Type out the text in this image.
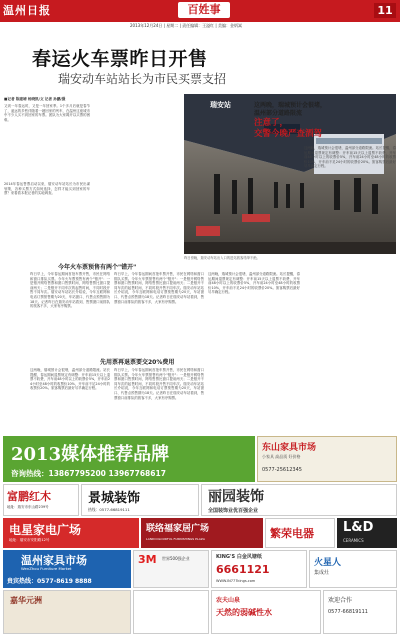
温州日报	百姓事	11
2013年12月24日 | 星期二 | 责任编辑：王溢红 | 美编：金炳嵩
春运火车票昨日开售
瑞安动车站站长为市民买票支招
■记者 陈建靖 杨晓凯/文 记者 孙鹏/摄
又到一年春运时，又是一年回家季。1个多月后就是春节了，遥远的乡愁伴随着一趟回家的列车，在温州这座城市中不少人买不到回家的车票。团队为大家揭开以买票的困难。
2014年春运售票启动以来，瑞安动车站站长为市民出谋划策，各种买票方式如何选择，怎样才能买到回家的车票？来看看本报记者的实地调查。
瑞安站
昨日傍晚，瑞安动车站出入口的进站旅客络绎不绝。
这两晚，瑞城预计会很堵，
温州部分道路限流
注意了，
交警今晚严查酒驾
这两晚，瑞城预计会很堵，温州部分道路限流。站长提醒，春运期间退票规定有调整：开车前15天以上退票不收费，开车前48小时以上的收票价5%，开车前24小时至48小时的收票价10%，开车前不足24小时的收票价20%。旅客购票后最好尽早确定行程。
今年火车票预售有两个"错开"
昨日早上，今年春运期间首批车票开售，市民在网络和窗口排队买票。今年火车票预售有两个"错开"：一是错开网络售票和窗口售票时间，网络售票比窗口提前两天；二是错开不同车次的起售时间，不同时段开售不同车次。瑞安动车站站长介绍说，今年互联网和电话订票预售期为20天，车站窗口、代售点预售期为18天。记者昨日在瑞安动车站看到，售票窗口前排队的旅客不多，大家有序购票。
昨日早上，今年春运期间首批车票开售，市民在网络和窗口排队买票。今年火车票预售有两个"错开"：一是错开网络售票和窗口售票时间，网络售票比窗口提前两天；二是错开不同车次的起售时间，不同时段开售不同车次。瑞安动车站站长介绍说，今年互联网和电话订票预售期为20天，车站窗口、代售点预售期为18天。记者昨日在瑞安动车站看到，售票窗口前排队的旅客不多，大家有序购票。
这两晚，瑞城预计会很堵，温州部分道路限流。站长提醒，春运期间退票规定有调整：开车前15天以上退票不收费，开车前48小时以上的收票价5%，开车前24小时至48小时的收票价10%，开车前不足24小时的收票价20%。旅客购票后最好尽早确定行程。
先用票再退票要交20%费用
这两晚，瑞城预计会很堵，温州部分道路限流。站长提醒，春运期间退票规定有调整：开车前15天以上退票不收费，开车前48小时以上的收票价5%，开车前24小时至48小时的收票价10%，开车前不足24小时的收票价20%。旅客购票后最好尽早确定行程。
昨日早上，今年春运期间首批车票开售，市民在网络和窗口排队买票。今年火车票预售有两个"错开"：一是错开网络售票和窗口售票时间，网络售票比窗口提前两天；二是错开不同车次的起售时间，不同时段开售不同车次。瑞安动车站站长介绍说，今年互联网和电话订票预售期为20天，车站窗口、代售点预售期为18天。记者昨日在瑞安动车站看到，售票窗口前排队的旅客不多，大家有序购票。
2013媒体推荐品牌
咨询热线：13867795200 13967768617
东山家具市场
小家具 高品质 好价格
0577-25612345
富鹏红木
地址：瑞安市东山路239号
景城装饰
热线：0577-66819111
丽园装饰
全国装饰业优百强企业
电星家电广场
地址：瑞安市安阳路12号
联络福家居广场
LANDCOLOURFUL FURNISHINGS PLAZA	繁荣电器 L&D
CERAMICS
温州家具市场
WenZhou Furniture Market
贵宾热线：0577-8619 8888
3M 世界500强企业	KING'S 白金风塘纸
6661121
WWW.IN777kings.com
火星人
集成灶
嘉华元洲	农夫山泉
天然的弱碱性水
欢迎合作
0577-66819111
